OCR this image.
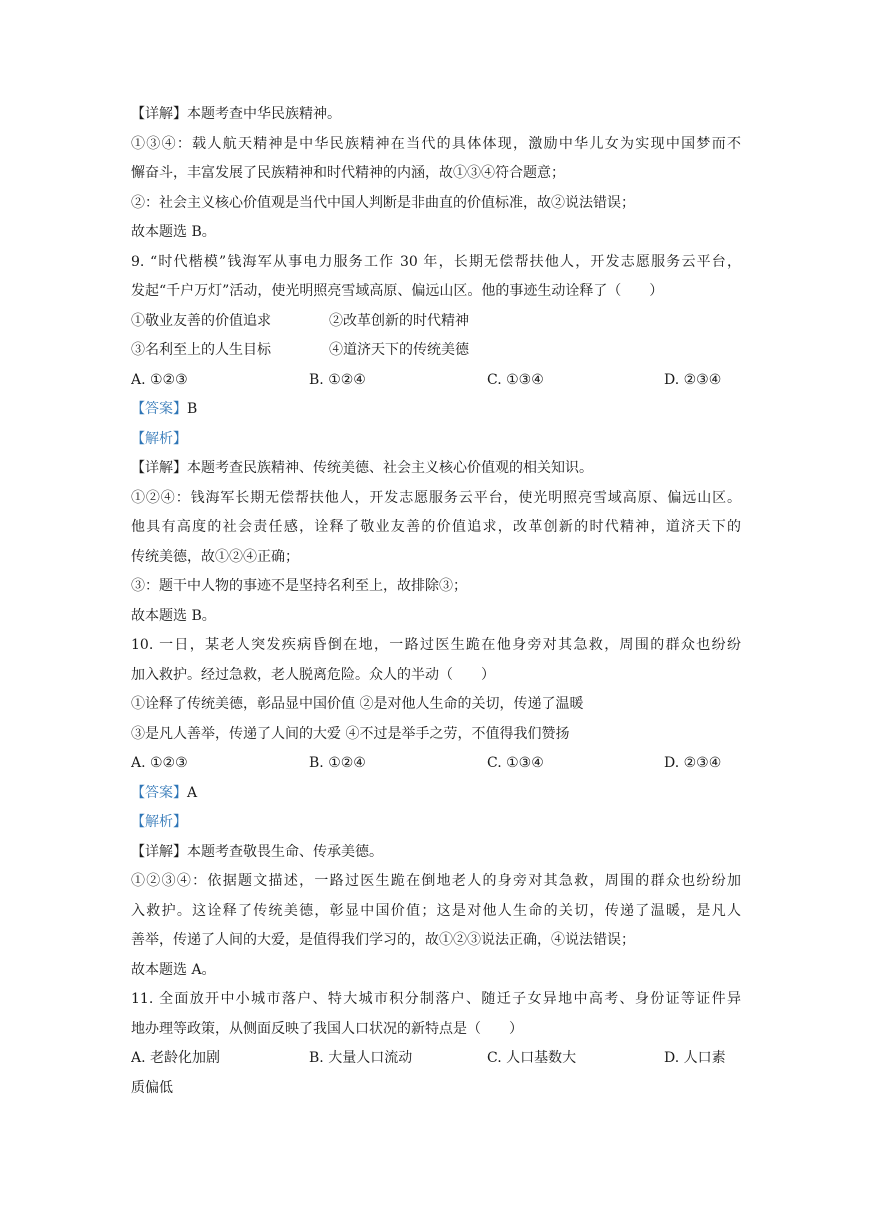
【详解】本题考查中华民族精神。
①③④：载人航天精神是中华民族精神在当代的具体体现，激励中华儿女为实现中国梦而不
懈奋斗，丰富发展了民族精神和时代精神的内涵，故①③④符合题意；
②：社会主义核心价值观是当代中国人判断是非曲直的价值标准，故②说法错误；
故本题选 B。
9. “时代楷模”钱海军从事电力服务工作 30 年，长期无偿帮扶他人，开发志愿服务云平台，
发起“千户万灯”活动，使光明照亮雪域高原、偏远山区。他的事迹生动诠释了（　　）
①敬业友善的价值追求	②改革创新的时代精神
③名利至上的人生目标	④道济天下的传统美德
A. ①②③	B. ①②④	C. ①③④	D. ②③④
【答案】B
【解析】
【详解】本题考查民族精神、传统美德、社会主义核心价值观的相关知识。
①②④：钱海军长期无偿帮扶他人，开发志愿服务云平台，使光明照亮雪域高原、偏远山区。
他具有高度的社会责任感，诠释了敬业友善的价值追求，改革创新的时代精神，道济天下的
传统美德，故①②④正确；
③：题干中人物的事迹不是坚持名利至上，故排除③；
故本题选 B。
10. 一日，某老人突发疾病昏倒在地，一路过医生跪在他身旁对其急救，周围的群众也纷纷
加入救护。经过急救，老人脱离危险。众人的半动（　　）
①诠释了传统美德，彰品显中国价值 ②是对他人生命的关切，传递了温暖
③是凡人善举，传递了人间的大爱 ④不过是举手之劳，不值得我们赞扬
A. ①②③	B. ①②④	C. ①③④	D. ②③④
【答案】A
【解析】
【详解】本题考查敬畏生命、传承美德。
①②③④：依据题文描述，一路过医生跪在倒地老人的身旁对其急救，周围的群众也纷纷加
入救护。这诠释了传统美德，彰显中国价值；这是对他人生命的关切，传递了温暖，是凡人
善举，传递了人间的大爱，是值得我们学习的，故①②③说法正确，④说法错误；
故本题选 A。
11. 全面放开中小城市落户、特大城市积分制落户、随迁子女异地中高考、身份证等证件异
地办理等政策，从侧面反映了我国人口状况的新特点是（　　）
A. 老龄化加剧	B. 大量人口流动	C. 人口基数大	D. 人口素
质偏低
